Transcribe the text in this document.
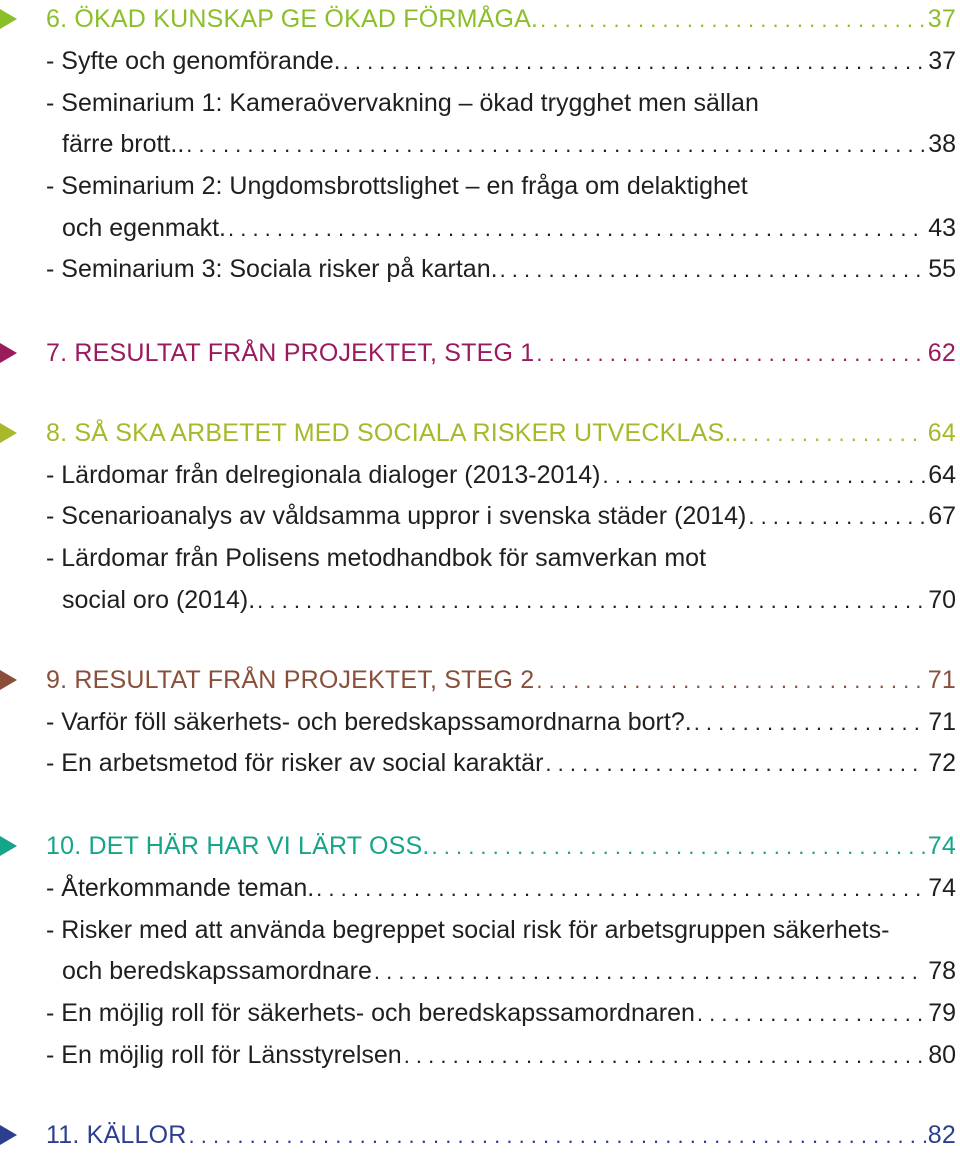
6. ÖKAD KUNSKAP GE ÖKAD FÖRMÅGA. . . .	37
- Syfte och genomförande. . . .	37
- Seminarium 1: Kameraövervakning – ökad trygghet men sällan
färre brott.. . . .	38
- Seminarium 2: Ungdomsbrottslighet – en fråga om delaktighet
och egenmakt. . . .	43
- Seminarium 3: Sociala risker på kartan. . . .	55
7. RESULTAT FRÅN PROJEKTET, STEG 1 . . .	62
8. SÅ SKA ARBETET MED SOCIALA RISKER UTVECKLAS.. . . .	64
- Lärdomar från delregionala dialoger (2013-2014) . . .	64
- Scenarioanalys av våldsamma uppror i svenska städer (2014) . . .	67
- Lärdomar från Polisens metodhandbok för samverkan mot
social oro (2014). . . .	70
9. RESULTAT FRÅN PROJEKTET, STEG 2 . . .	71
- Varför föll säkerhets- och beredskapssamordnarna bort?. . . .	71
- En arbetsmetod för risker av social karaktär . . .	72
10. DET HÄR HAR VI LÄRT OSS. . . .	74
- Återkommande teman. . . .	74
- Risker med att använda begreppet social risk för arbetsgruppen säkerhets-
och beredskapssamordnare . . .	78
- En möjlig roll för säkerhets- och beredskapssamordnaren . . .	79
- En möjlig roll för Länsstyrelsen . . .	80
11. KÄLLOR . . .	82
